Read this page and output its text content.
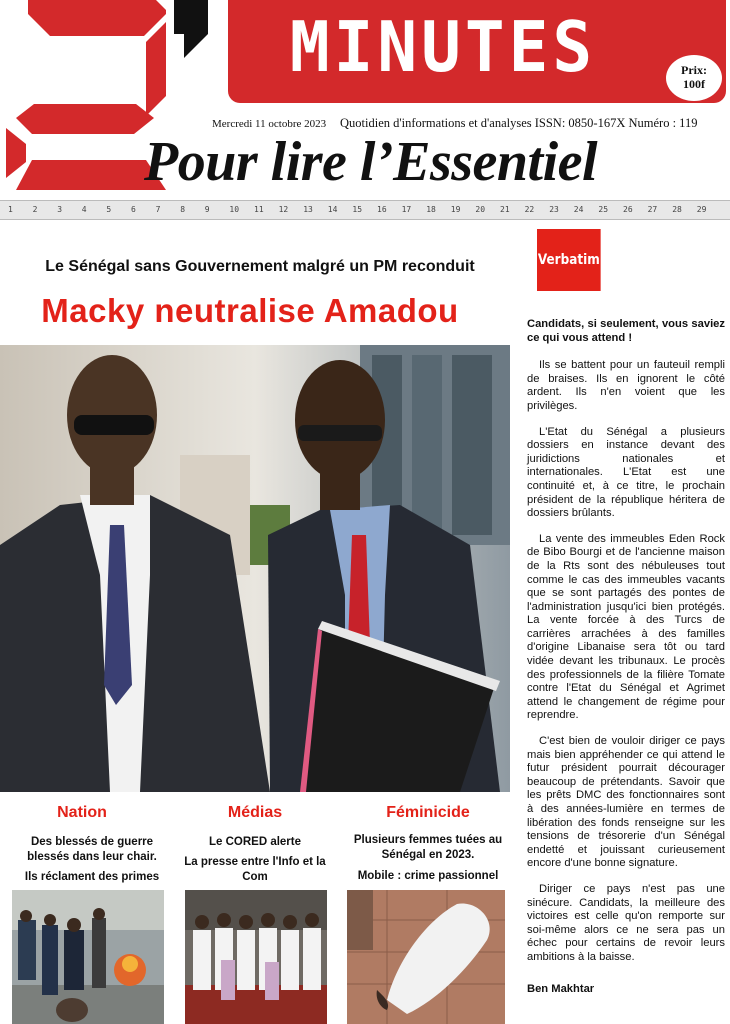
MINUTES	Prix:
100f
Mercredi 11 octobre 2023 Quotidien d'informations et d'analyses ISSN: 0850-167X Numéro : 119
Pour lire l’Essentiel
1 2 3 4 5 6 7 8 9 10 11 12 13 14 15 16 17 18 19 20 21 22 23 24 25 26 27 28 29
Le Sénégal sans Gouvernement malgré un PM reconduit
Macky neutralise Amadou
Verbatim
Candidats, si seulement, vous saviez ce qui vous attend !

Ils se battent pour un fauteuil rempli de braises. Ils en ignorent le côté ardent. Ils n'en voient que les privilèges.

L'Etat du Sénégal a plusieurs dossiers en instance devant des juridictions nationales et internationales. L'Etat est une continuité et, à ce titre, le prochain président de la république héritera de dossiers brûlants.

La vente des immeubles Eden Rock de Bibo Bourgi et de l'ancienne maison de la Rts sont des nébuleuses tout comme le cas des immeubles vacants que se sont partagés des pontes de l'administration jusqu'ici bien protégés. La vente forcée à des Turcs de carrières arrachées à des familles d'origine Libanaise sera tôt ou tard vidée devant les tribunaux. Le procès des professionnels de la filière Tomate contre l'Etat du Sénégal et Agrimet attend le changement de régime pour reprendre.

C'est bien de vouloir diriger ce pays mais bien appréhender ce qui attend le futur président pourrait décourager beaucoup de prétendants. Savoir que les prêts DMC des fonctionnaires sont à des années-lumière en termes de libération des fonds renseigne sur les tensions de trésorerie d'un Sénégal endetté et jouissant curieusement encore d'une bonne signature.

Diriger ce pays n'est pas une sinécure. Candidats, la meilleure des victoires est celle qu'on remporte sur soi-même alors ce ne sera pas un échec pour certains de revoir leurs ambitions à la baisse.

Ben Makhtar

Nation
Des blessés de guerre blessés dans leur chair.
Ils réclament des primes
Médias
Le CORED alerte
La presse entre l'Info et la Com
Féminicide
Plusieurs femmes tuées au Sénégal en 2023.
Mobile : crime passionnel
